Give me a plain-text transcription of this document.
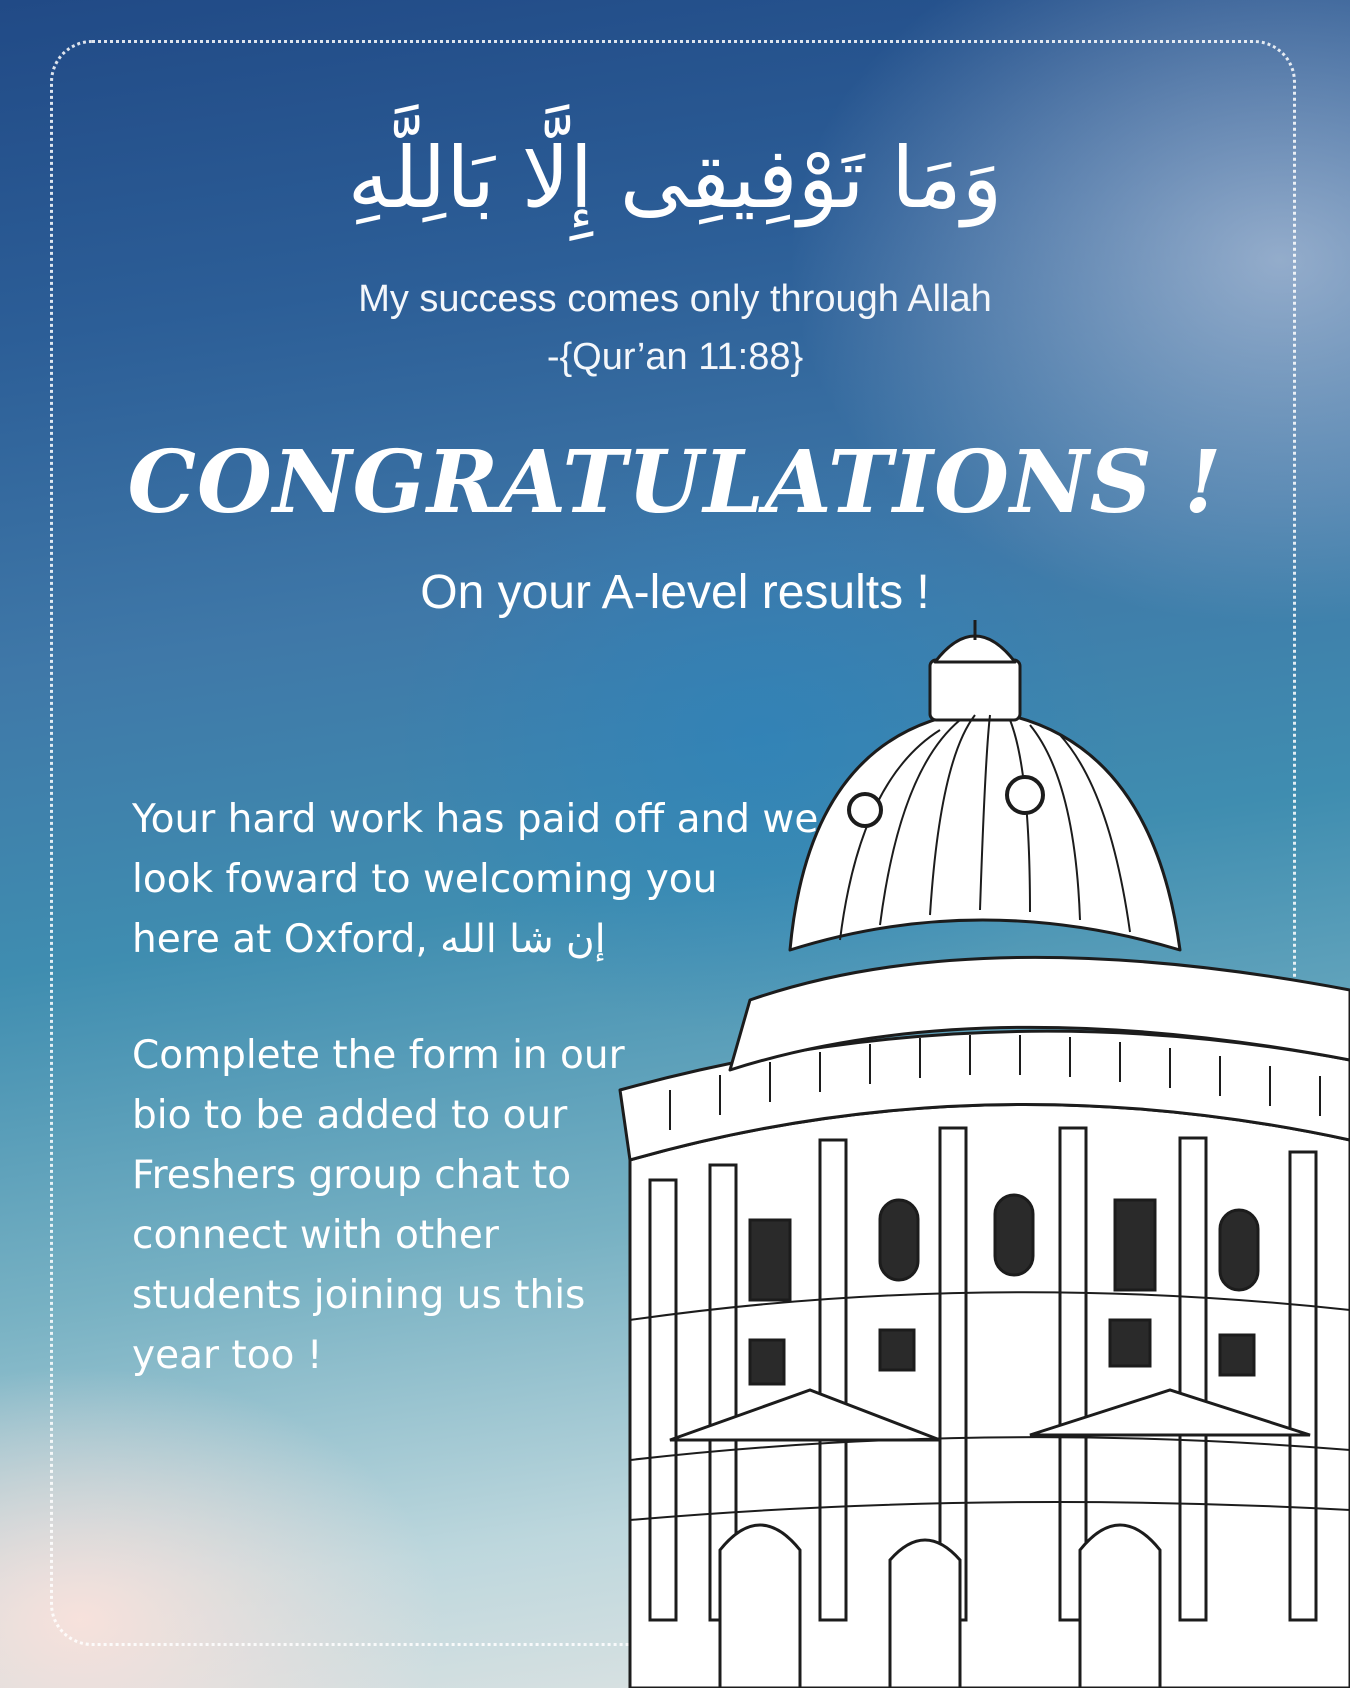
وَمَا تَوْفِيقِى إِلَّا بَالِلَّهِ
My success comes only through Allah
-{Qur’an 11:88}
CONGRATULATIONS !
On your A-level results !
Your hard work has paid off and we
look foward to welcoming you
here at Oxford, إن شا الله
Complete the form in our
bio to be added to our
Freshers group chat to
connect with other
students joining us this
year too !
